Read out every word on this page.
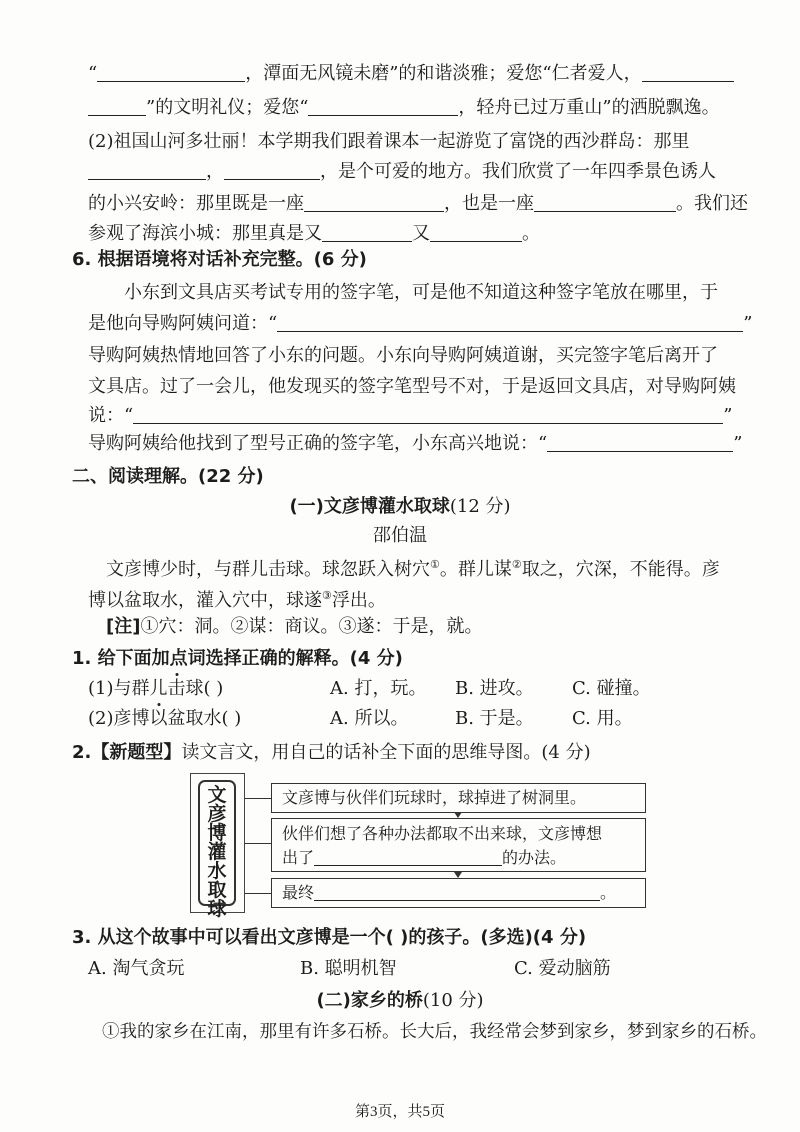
“	，潭面无风镜未磨”的和谐淡雅；爱您“仁者爱人，
”的文明礼仪；爱您“	，轻舟已过万重山”的洒脱飘逸。
(2)祖国山河多壮丽！本学期我们跟着课本一起游览了富饶的西沙群岛：那里
，	，是个可爱的地方。我们欣赏了一年四季景色诱人
的小兴安岭：那里既是一座	，也是一座	。我们还
参观了海滨小城：那里真是又	又	。
6. 根据语境将对话补充完整。(6 分)
小东到文具店买考试专用的签字笔，可是他不知道这种签字笔放在哪里，于
是他向导购阿姨问道：“	”
导购阿姨热情地回答了小东的问题。小东向导购阿姨道谢，买完签字笔后离开了
文具店。过了一会儿，他发现买的签字笔型号不对，于是返回文具店，对导购阿姨
说：“	”
导购阿姨给他找到了型号正确的签字笔，小东高兴地说：“	”
二、阅读理解。(22 分)
(一)文彦博灌水取球(12 分)
邵伯温
文彦博少时，与群儿击球。球忽跃入树穴①。群儿谋②取之，穴深，不能得。彦
博以盆取水，灌入穴中，球遂③浮出。
[注]①穴：洞。②谋：商议。③遂：于是，就。
1. 给下面加点词选择正确的解释。(4 分)
(1)与群儿击球( )	A. 打，玩。 B. 进攻。 C. 碰撞。
(2)彦博以盆取水( )	A. 所以。	B. 于是。 C. 用。
2.【新题型】读文言文，用自己的话补全下面的思维导图。(4 分)
文
彦
博
灌
水
取
球
文彦博与伙伴们玩球时，球掉进了树洞里。
伙伴们想了各种办法都取不出来球，文彦博想
出了	的办法。
最终	。
3. 从这个故事中可以看出文彦博是一个( )的孩子。(多选)(4 分)
A. 淘气贪玩	B. 聪明机智	C. 爱动脑筋
(二)家乡的桥(10 分)
①我的家乡在江南，那里有许多石桥。长大后，我经常会梦到家乡，梦到家乡的石桥。
第3页，共5页
